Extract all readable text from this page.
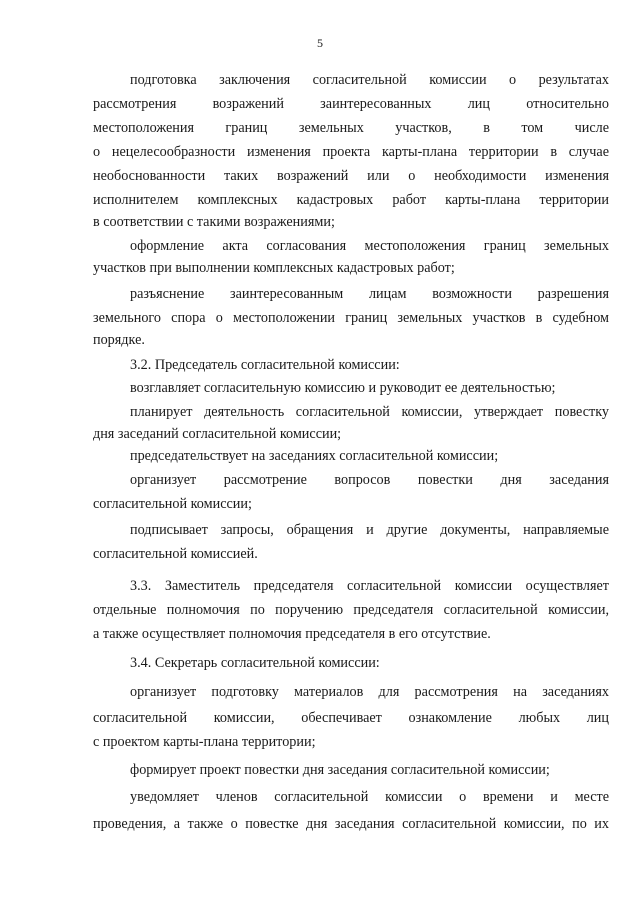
5
подготовка заключения согласительной комиссии о результатах
рассмотрения возражений заинтересованных лиц относительно
местоположения границ земельных участков, в том числе
о нецелесообразности изменения проекта карты-плана территории в случае
необоснованности таких возражений или о необходимости изменения
исполнителем комплексных кадастровых работ карты-плана территории
в соответствии с такими возражениями;
оформление акта согласования местоположения границ земельных
участков при выполнении комплексных кадастровых работ;
разъяснение заинтересованным лицам возможности разрешения
земельного спора о местоположении границ земельных участков в судебном
порядке.
3.2. Председатель согласительной комиссии:
возглавляет согласительную комиссию и руководит ее деятельностью;
планирует деятельность согласительной комиссии, утверждает повестку
дня заседаний согласительной комиссии;
председательствует на заседаниях согласительной комиссии;
организует рассмотрение вопросов повестки дня заседания
согласительной комиссии;
подписывает запросы, обращения и другие документы, направляемые
согласительной комиссией.
3.3. Заместитель председателя согласительной комиссии осуществляет
отдельные полномочия по поручению председателя согласительной комиссии,
а также осуществляет полномочия председателя в его отсутствие.
3.4. Секретарь согласительной комиссии:
организует подготовку материалов для рассмотрения на заседаниях
согласительной комиссии, обеспечивает ознакомление любых лиц
с проектом карты-плана территории;
формирует проект повестки дня заседания согласительной комиссии;
уведомляет членов согласительной комиссии о времени и месте
проведения, а также о повестке дня заседания согласительной комиссии, по их
